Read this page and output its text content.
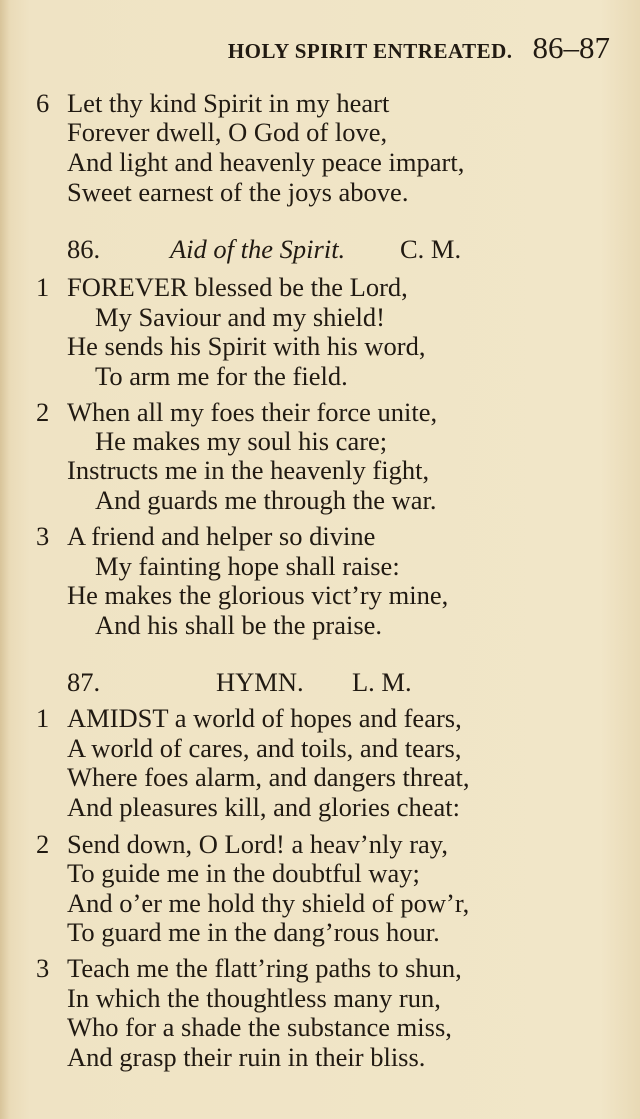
HOLY SPIRIT ENTREATED. 86–87
6 Let thy kind Spirit in my heart
Forever dwell, O God of love,
And light and heavenly peace impart,
Sweet earnest of the joys above.
86.	Aid of the Spirit. C. M.
1 FOREVER blessed be the Lord,
My Saviour and my shield!
He sends his Spirit with his word,
To arm me for the field.
2 When all my foes their force unite,
He makes my soul his care;
Instructs me in the heavenly fight,
And guards me through the war.
3 A friend and helper so divine
My fainting hope shall raise:
He makes the glorious vict’ry mine,
And his shall be the praise.
87.	HYMN. L. M.
1 AMIDST a world of hopes and fears,
A world of cares, and toils, and tears,
Where foes alarm, and dangers threat,
And pleasures kill, and glories cheat:
2 Send down, O Lord! a heav’nly ray,
To guide me in the doubtful way;
And o’er me hold thy shield of pow’r,
To guard me in the dang’rous hour.
3 Teach me the flatt’ring paths to shun,
In which the thoughtless many run,
Who for a shade the substance miss,
And grasp their ruin in their bliss.
